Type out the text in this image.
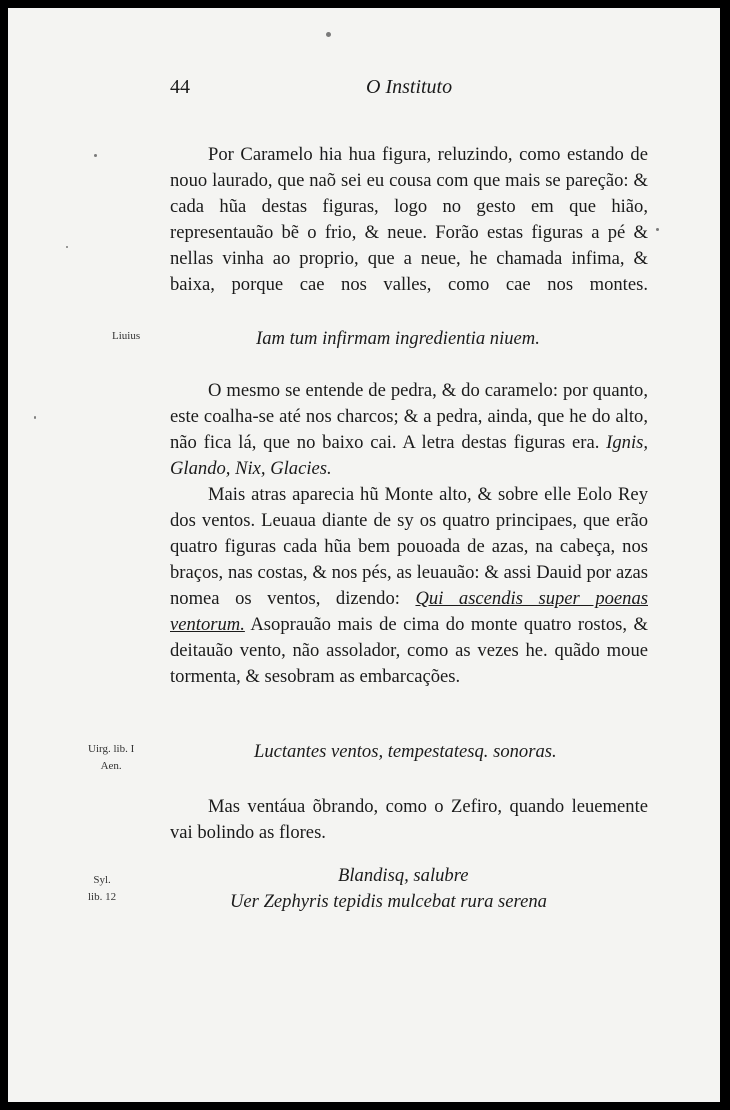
44	O Instituto

Por Caramelo hia hua figura, reluzindo, como estando de nouo laurado, que naõ sei eu cousa com que mais se pareção: & cada hũa destas figuras, logo no gesto em que hião, representauão bẽ o frio, & neue. Forão estas figuras a pé & nellas vinha ao proprio, que a neue, he chamada infima, & baixa, porque cae nos valles, como cae nos montes.

Liuius	Iam tum infirmam ingredientia niuem.

O mesmo se entende de pedra, & do caramelo: por quanto, este coalha-se até nos charcos; & a pedra, ainda, que he do alto, não fica lá, que no baixo cai. A letra destas figuras era. Ignis, Glando, Nix, Glacies.

Mais atras aparecia hũ Monte alto, & sobre elle Eolo Rey dos ventos. Leuaua diante de sy os quatro principaes, que erão quatro figuras cada hũa bem pouoada de azas, na cabeça, nos braços, nas costas, & nos pés, as leuauão: & assi Dauid por azas nomea os ventos, dizendo: Qui ascendis super poenas ventorum. Asoprauão mais de cima do monte quatro rostos, & deitauão vento, não assolador, como as vezes he. quãdo moue tormenta, & sesobram as embarcações.

Uirg. lib. I
Aen.
Luctantes ventos, tempestatesq. sonoras.

Mas ventáua õbrando, como o Zefiro, quando leuemente vai bolindo as flores.

Syl.
lib. 12
Blandisq, salubre
Uer Zephyris tepidis mulcebat rura serena
